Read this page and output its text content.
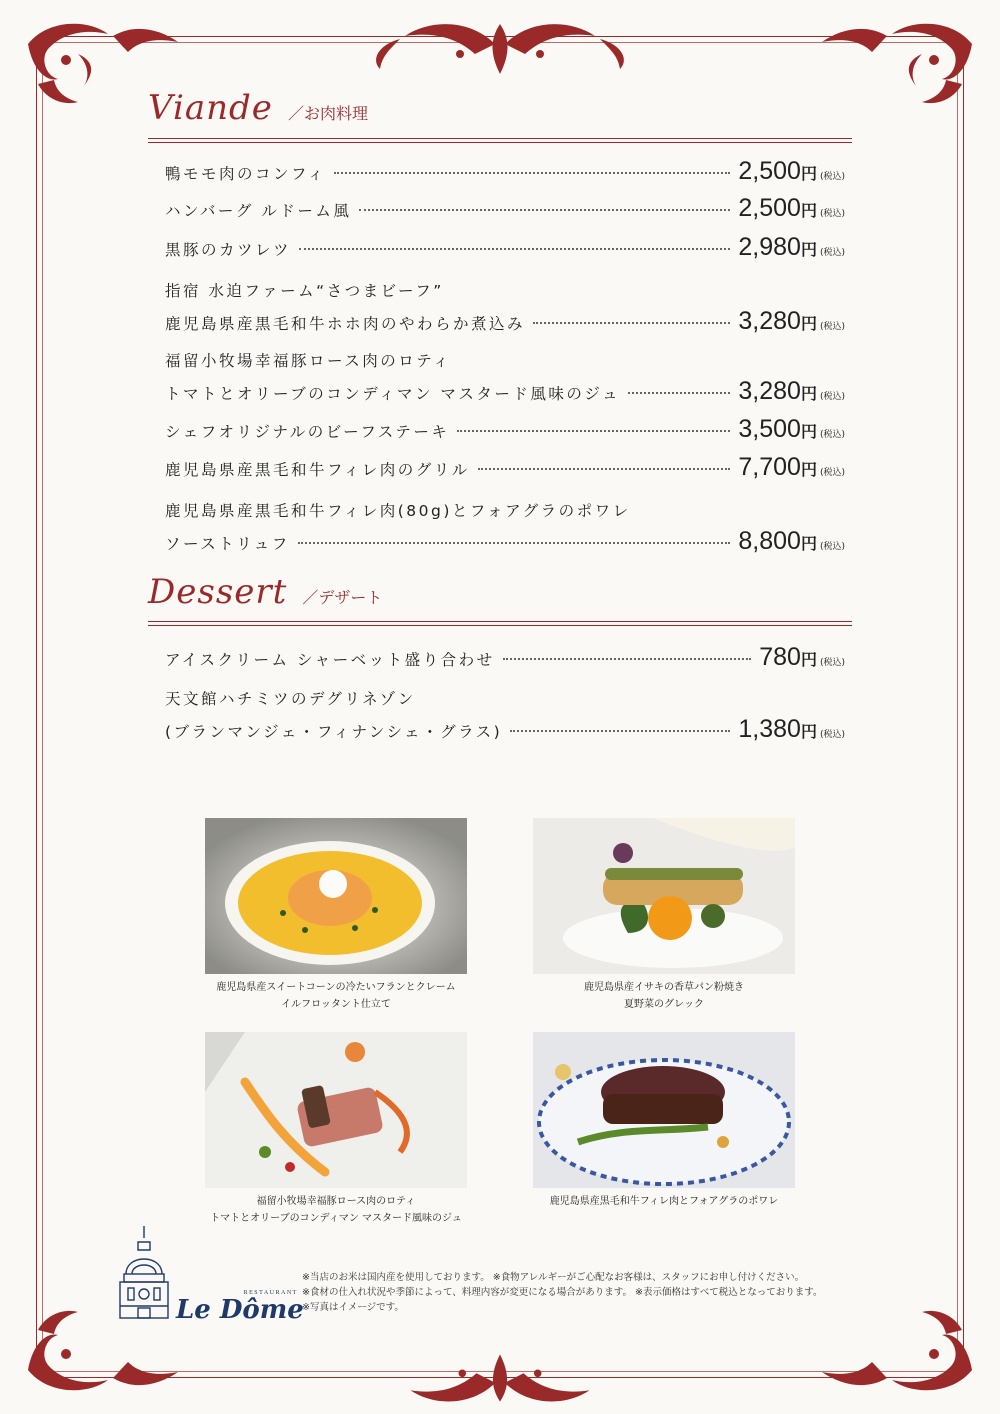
Viande ／お肉料理
鴨モモ肉のコンフィ	2,500円 (税込)
ハンバーグ ルドーム風	2,500円 (税込)
黒豚のカツレツ	2,980円 (税込)
指宿 水迫ファーム“さつまビーフ”
鹿児島県産黒毛和牛ホホ肉のやわらか煮込み	3,280円 (税込)
福留小牧場幸福豚ロース肉のロティ
トマトとオリーブのコンディマン マスタード風味のジュ	3,280円 (税込)
シェフオリジナルのビーフステーキ	3,500円 (税込)
鹿児島県産黒毛和牛フィレ肉のグリル	7,700円 (税込)
鹿児島県産黒毛和牛フィレ肉(80g)とフォアグラのポワレ
ソーストリュフ	8,800円 (税込)
Dessert ／デザート
アイスクリーム シャーベット盛り合わせ	780円 (税込)
天文館ハチミツのデグリネゾン
(ブランマンジェ・フィナンシェ・グラス)	1,380円 (税込)
鹿児島県産スイートコーンの冷たいフランとクレーム
イルフロッタント仕立て
鹿児島県産イサキの香草パン粉焼き
夏野菜のグレック
福留小牧場幸福豚ロース肉のロティ
トマトとオリーブのコンディマン マスタード風味のジュ
鹿児島県産黒毛和牛フィレ肉とフォアグラのポワレ
RESTAURANT
Le Dôme
※当店のお米は国内産を使用しております。 ※食物アレルギーがご心配なお客様は、スタッフにお申し付けください。
※食材の仕入れ状況や季節によって、料理内容が変更になる場合があります。 ※表示価格はすべて税込となっております。
※写真はイメージです。
